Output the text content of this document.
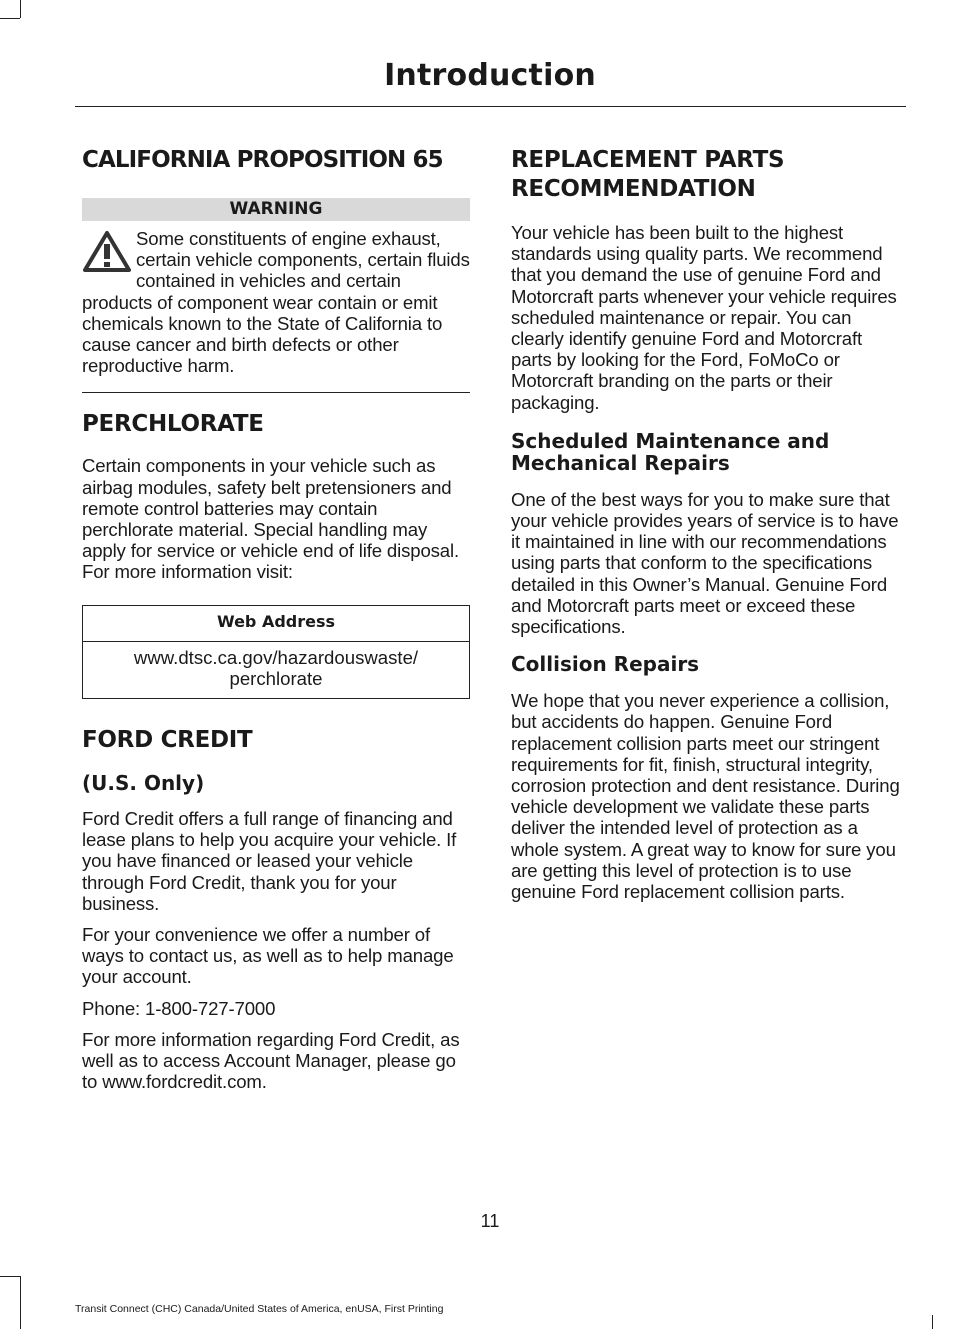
Introduction
CALIFORNIA PROPOSITION 65
WARNING

Some constituents of engine exhaust, certain vehicle components, certain fluids contained in vehicles and certain products of component wear contain or emit chemicals known to the State of California to cause cancer and birth defects or other reproductive harm.

PERCHLORATE

Certain components in your vehicle such as airbag modules, safety belt pretensioners and remote control batteries may contain perchlorate material. Special handling may apply for service or vehicle end of life disposal. For more information visit:

Web Address
www.dtsc.ca.gov/hazardouswaste/ perchlorate
FORD CREDIT
(U.S. Only)

Ford Credit offers a full range of financing and lease plans to help you acquire your vehicle. If you have financed or leased your vehicle through Ford Credit, thank you for your business.

For your convenience we offer a number of ways to contact us, as well as to help manage your account.

Phone: 1-800-727-7000

For more information regarding Ford Credit, as well as to access Account Manager, please go to www.fordcredit.com.

REPLACEMENT PARTS RECOMMENDATION

Your vehicle has been built to the highest standards using quality parts. We recommend that you demand the use of genuine Ford and Motorcraft parts whenever your vehicle requires scheduled maintenance or repair. You can clearly identify genuine Ford and Motorcraft parts by looking for the Ford, FoMoCo or Motorcraft branding on the parts or their packaging.

Scheduled Maintenance and Mechanical Repairs

One of the best ways for you to make sure that your vehicle provides years of service is to have it maintained in line with our recommendations using parts that conform to the specifications detailed in this Owner’s Manual. Genuine Ford and Motorcraft parts meet or exceed these specifications.

Collision Repairs

We hope that you never experience a collision, but accidents do happen. Genuine Ford replacement collision parts meet our stringent requirements for fit, finish, structural integrity, corrosion protection and dent resistance. During vehicle development we validate these parts deliver the intended level of protection as a whole system. A great way to know for sure you are getting this level of protection is to use genuine Ford replacement collision parts.

11
Transit Connect (CHC) Canada/United States of America, enUSA, First Printing
